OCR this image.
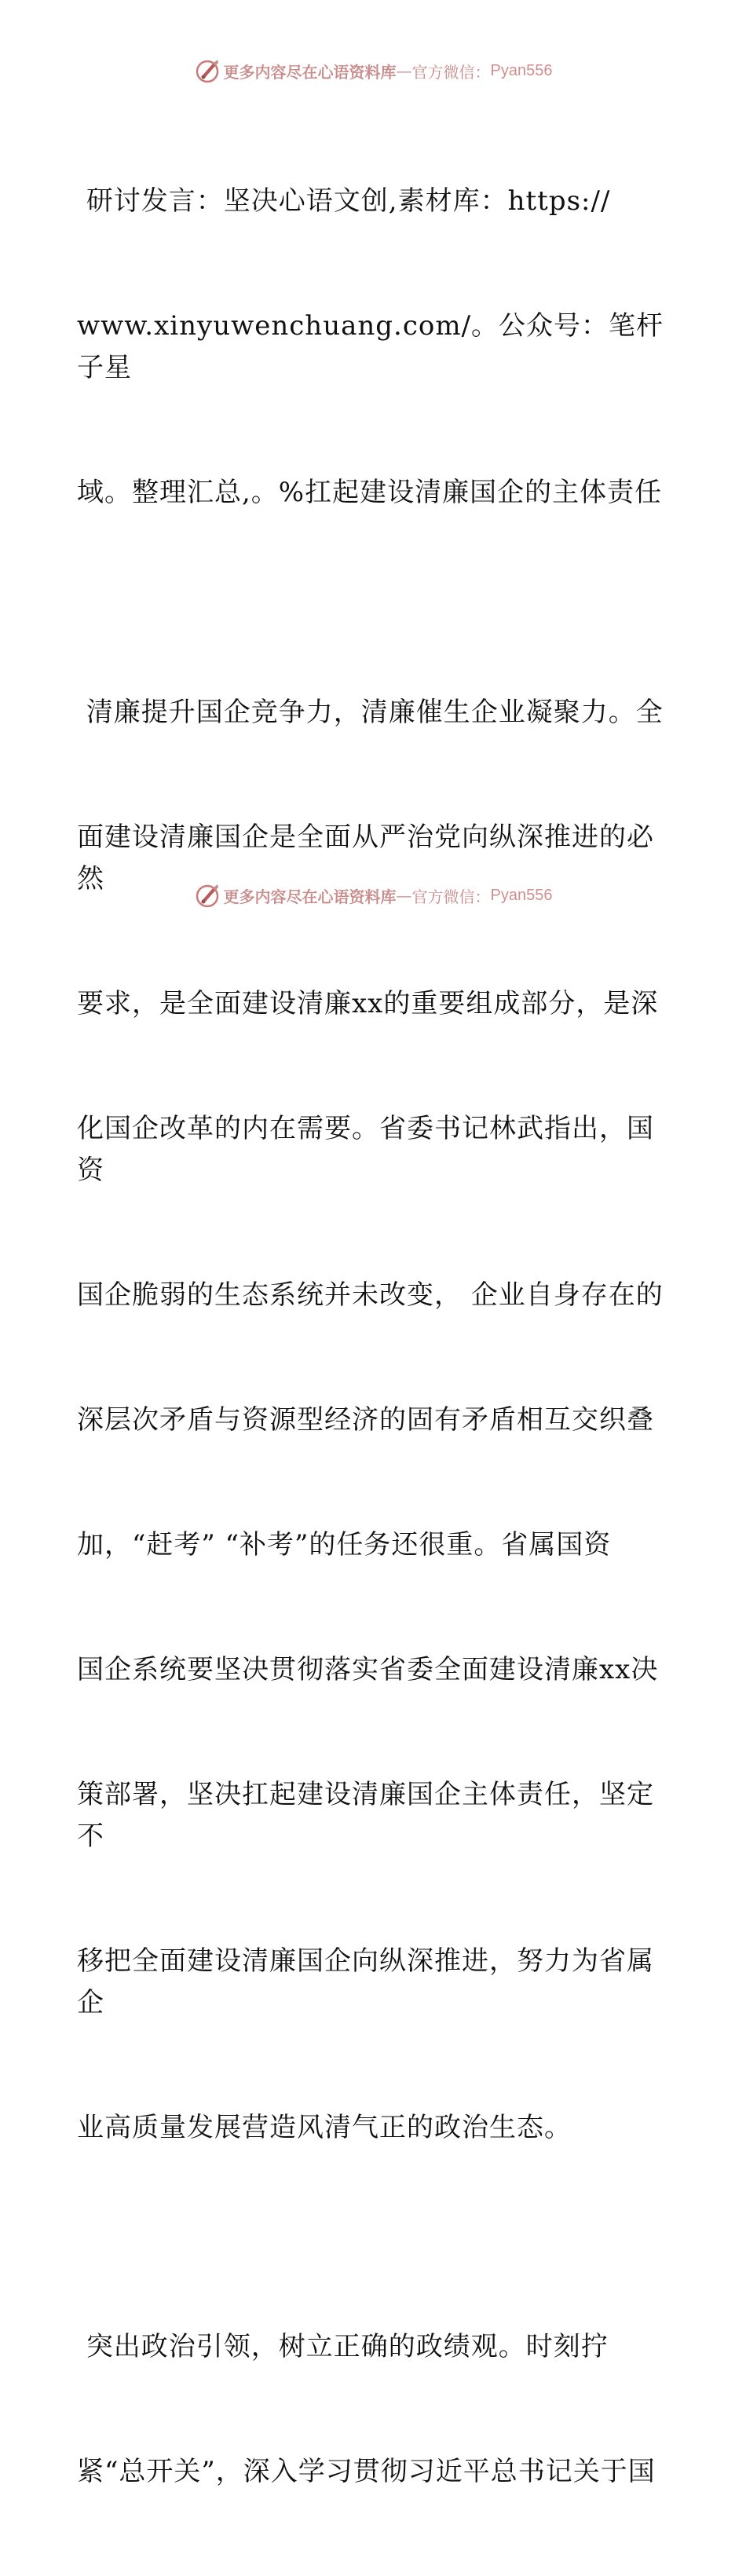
更多内容尽在心语资料库 — 官方微信： Pyan556

研讨发言：坚决心语文创,素材库：https://

www.xinyuwenchuang.com/。公众号：笔杆子星

域。整理汇总,。%扛起建设清廉国企的主体责任

清廉提升国企竞争力，清廉催生企业凝聚力。全

面建设清廉国企是全面从严治党向纵深推进的必然

要求，是全面建设清廉xx的重要组成部分，是深

化国企改革的内在需要。省委书记林武指出，国资

国企脆弱的生态系统并未改变， 企业自身存在的

深层次矛盾与资源型经济的固有矛盾相互交织叠

加，“赶考” “补考”的任务还很重。省属国资

国企系统要坚决贯彻落实省委全面建设清廉xx决

策部署，坚决扛起建设清廉国企主体责任，坚定不

移把全面建设清廉国企向纵深推进，努力为省属企

业高质量发展营造风清气正的政治生态。

突出政治引领，树立正确的政绩观。时刻拧

紧“总开关”，深入学习贯彻习近平总书记关于国

更多内容尽在心语资料库 — 官方微信： Pyan556
